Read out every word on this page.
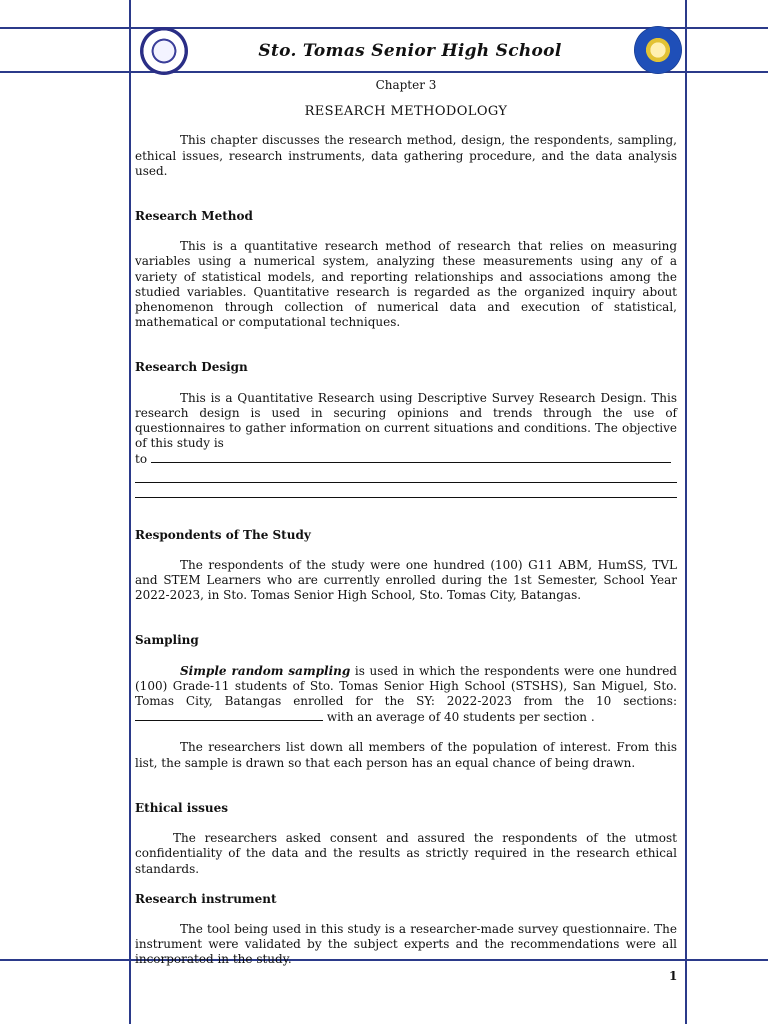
Sto. Tomas Senior High School

Chapter 3

RESEARCH METHODOLOGY

This chapter discusses the research method, design, the respondents, sampling, ethical issues, research instruments, data gathering procedure, and the data analysis used.

Research Method

This is a quantitative research method of research that relies on measuring variables using a numerical system, analyzing these measurements using any of a variety of statistical models, and reporting relationships and associations among the studied variables. Quantitative research is regarded as the organized inquiry about phenomenon through collection of numerical data and execution of statistical, mathematical or computational techniques.

Research Design

This is a Quantitative Research using Descriptive Survey Research Design. This research design is used in securing opinions and trends through the use of questionnaires to gather information on current situations and conditions. The objective of this study is

to

Respondents of The Study

The respondents of the study were one hundred (100) G11 ABM, HumSS, TVL and STEM Learners who are currently enrolled during the 1st Semester, School Year 2022-2023, in Sto. Tomas Senior High School, Sto. Tomas City, Batangas.

Sampling

Simple random sampling is used in which the respondents were one hundred (100) Grade-11 students of Sto. Tomas Senior High School (STSHS), San Miguel, Sto. Tomas City, Batangas enrolled for the SY: 2022-2023 from the 10 sections: with an average of 40 students per section .

The researchers list down all members of the population of interest. From this list, the sample is drawn so that each person has an equal chance of being drawn.

Ethical issues

The researchers asked consent and assured the respondents of the utmost confidentiality of the data and the results as strictly required in the research ethical standards.

Research instrument

The tool being used in this study is a researcher-made survey questionnaire. The instrument were validated by the subject experts and the recommendations were all incorporated in the study.

1
